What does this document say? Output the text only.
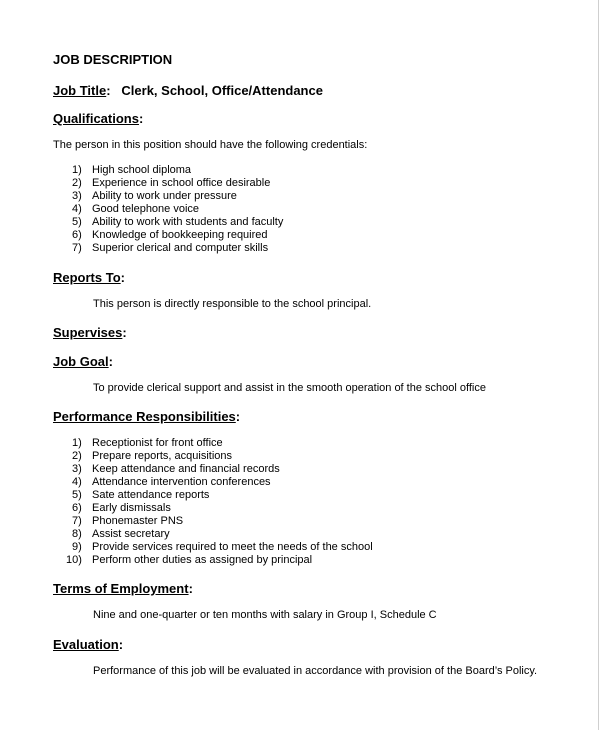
JOB DESCRIPTION
Job Title: Clerk, School, Office/Attendance
Qualifications:
The person in this position should have the following credentials:
1) High school diploma
2) Experience in school office desirable
3) Ability to work under pressure
4) Good telephone voice
5) Ability to work with students and faculty
6) Knowledge of bookkeeping required
7) Superior clerical and computer skills
Reports To:
This person is directly responsible to the school principal.
Supervises:
Job Goal:
To provide clerical support and assist in the smooth operation of the school office
Performance Responsibilities:
1) Receptionist for front office
2) Prepare reports, acquisitions
3) Keep attendance and financial records
4) Attendance intervention conferences
5) Sate attendance reports
6) Early dismissals
7) Phonemaster PNS
8) Assist secretary
9) Provide services required to meet the needs of the school
10) Perform other duties as assigned by principal
Terms of Employment:
Nine and one-quarter or ten months with salary in Group I, Schedule C
Evaluation:
Performance of this job will be evaluated in accordance with provision of the Board’s Policy.
